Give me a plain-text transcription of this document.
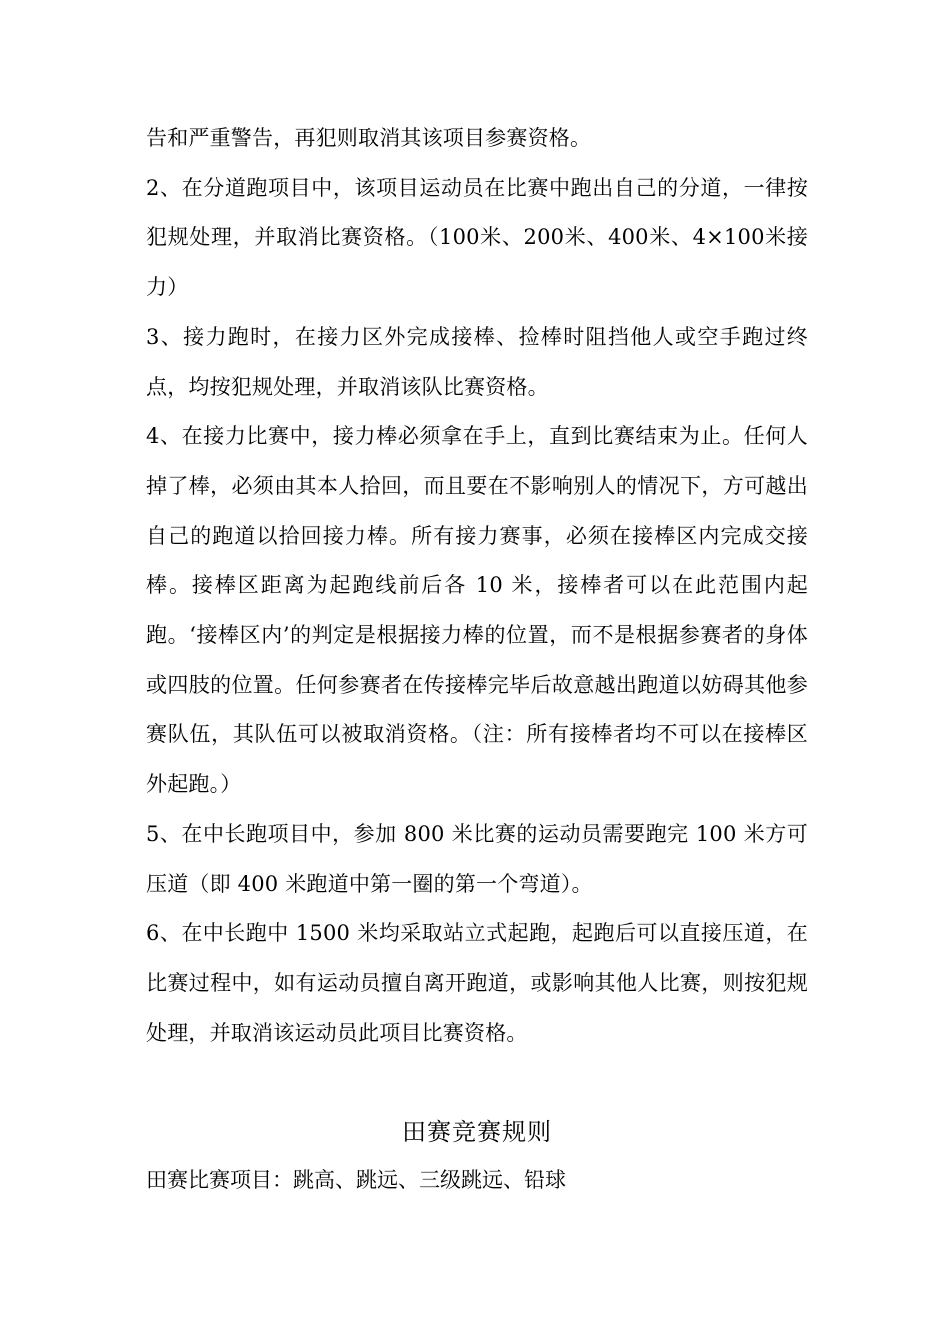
告和严重警告，再犯则取消其该项目参赛资格。

2、在分道跑项目中，该项目运动员在比赛中跑出自己的分道，一律按犯规处理，并取消比赛资格。（100米、200米、400米、4×100米接力）

3、接力跑时，在接力区外完成接棒、捡棒时阻挡他人或空手跑过终点，均按犯规处理，并取消该队比赛资格。

4、在接力比赛中，接力棒必须拿在手上，直到比赛结束为止。任何人掉了棒，必须由其本人拾回，而且要在不影响别人的情况下，方可越出自己的跑道以拾回接力棒。所有接力赛事，必须在接棒区内完成交接棒。接棒区距离为起跑线前后各 10 米，接棒者可以在此范围内起跑。‘接棒区内’的判定是根据接力棒的位置，而不是根据参赛者的身体或四肢的位置。任何参赛者在传接棒完毕后故意越出跑道以妨碍其他参赛队伍，其队伍可以被取消资格。（注：所有接棒者均不可以在接棒区外起跑。）

5、在中长跑项目中，参加 800 米比赛的运动员需要跑完 100 米方可压道（即 400 米跑道中第一圈的第一个弯道）。

6、在中长跑中 1500 米均采取站立式起跑，起跑后可以直接压道，在比赛过程中，如有运动员擅自离开跑道，或影响其他人比赛，则按犯规处理，并取消该运动员此项目比赛资格。

田赛竞赛规则
田赛比赛项目：跳高、跳远、三级跳远、铅球
